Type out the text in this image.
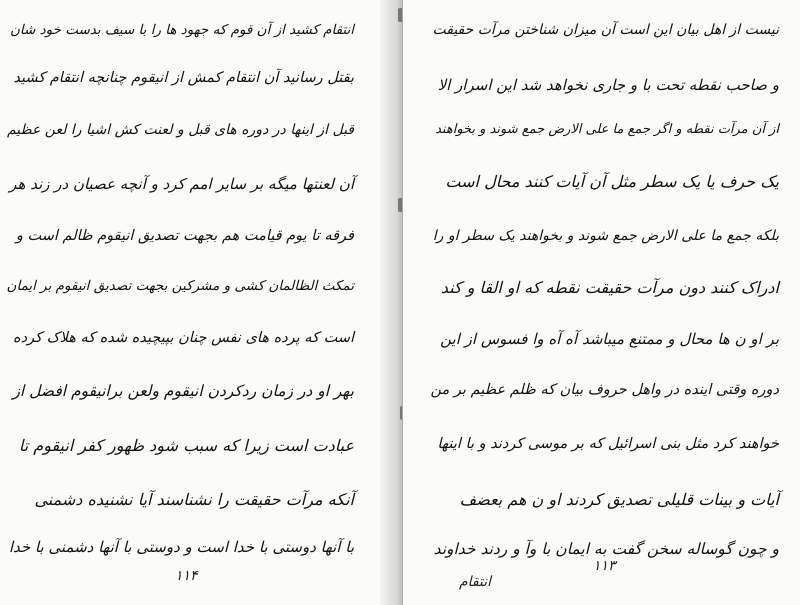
انتقام کشید از آن قوم که جهود ها را با سیف بدست خود شان
بقتل رسانید آن انتقام کمش از انیقوم چنانچه انتقام کشید
قبل از اینها در دوره های قبل و لعنت کش اشیا را لعن عظیم
آن لعنتها میگه بر سایر امم کرد و آنچه عصیان در زند هر
فرقه تا یوم قیامت هم بجهت تصدیق انیقوم ظالم است و
تمکث الظالمان کشی و مشرکین بجهت تصدیق انیقوم بر ایمان
است که پرده های نفس چنان بپیچیده شده که هلاک کرده
بهر او در زمان ردکردن انیقوم ولعن برانیقوم افضل از
عبادت است زیرا که سبب شود ظهور کفر انیقوم تا
آنکه مرآت حقیقت را نشناسند آیا نشنیده دشمنی
با آنها دوستی با خدا است و دوستی با آنها دشمنی با خدا
۱۱۴
نیست از اهل بیان این است آن میزان شناختن مرآت حقیقت
و صاحب نقطه تحت با و جاری نخواهد شد این اسرار الا
از آن مرآت نقطه و اگر جمع ما علی الارض جمع شوند و بخواهند
یک حرف یا یک سطر مثل آن آیات کنند محال است
بلکه جمع ما علی الارض جمع شوند و بخواهند یک سطر او را
ادراک کنند دون مرآت حقیقت نقطه که او القا و کند
بر او ن ها محال و ممتنع میباشد آه آه وا فسوس از این
دوره وقتی اینده در واهل حروف بیان که ظلم عظیم بر من
خواهند کرد مثل بنی اسرائیل که بر موسی کردند و با اینها
آیات و بینات قلیلی تصدیق کردند او ن هم بعضف
و چون گوساله سخن گفت به ایمان با وآ و ردند خداوند
۱۱۳
انتقام
